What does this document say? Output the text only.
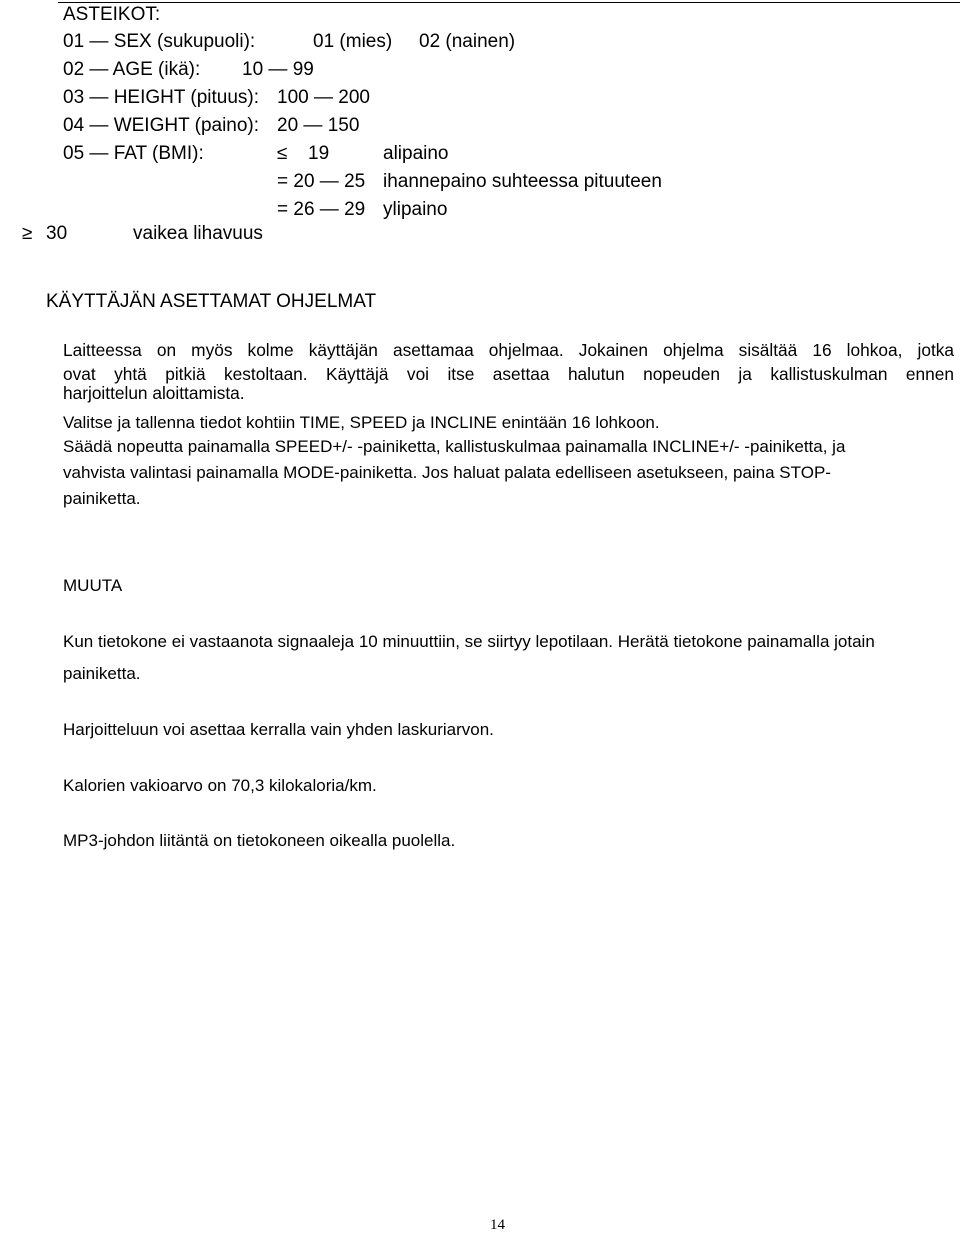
ASTEIKOT:
01 — SEX (sukupuoli):	01 (mies) 02 (nainen)
02 — AGE (ikä): 10 — 99
03 — HEIGHT (pituus): 100 — 200
04 — WEIGHT (paino): 20 — 150
05 — FAT (BMI):	≤ 19	alipaino
= 20 — 25 ihannepaino suhteessa pituuteen
= 26 — 29 ylipaino
≥ 30	vaikea lihavuus
KÄYTTÄJÄN ASETTAMAT OHJELMAT
Laitteessa on myös kolme käyttäjän asettamaa ohjelmaa. Jokainen ohjelma sisältää 16 lohkoa, jotka
ovat yhtä pitkiä kestoltaan. Käyttäjä voi itse asettaa halutun nopeuden ja kallistuskulman ennen
harjoittelun aloittamista.
Valitse ja tallenna tiedot kohtiin TIME, SPEED ja INCLINE enintään 16 lohkoon.
Säädä nopeutta painamalla SPEED+/- -painiketta, kallistuskulmaa painamalla INCLINE+/- -painiketta, ja
vahvista valintasi painamalla MODE-painiketta. Jos haluat palata edelliseen asetukseen, paina STOP-
painiketta.
MUUTA
Kun tietokone ei vastaanota signaaleja 10 minuuttiin, se siirtyy lepotilaan. Herätä tietokone painamalla jotain
painiketta.
Harjoitteluun voi asettaa kerralla vain yhden laskuriarvon.
Kalorien vakioarvo on 70,3 kilokaloria/km.
MP3-johdon liitäntä on tietokoneen oikealla puolella.
14
